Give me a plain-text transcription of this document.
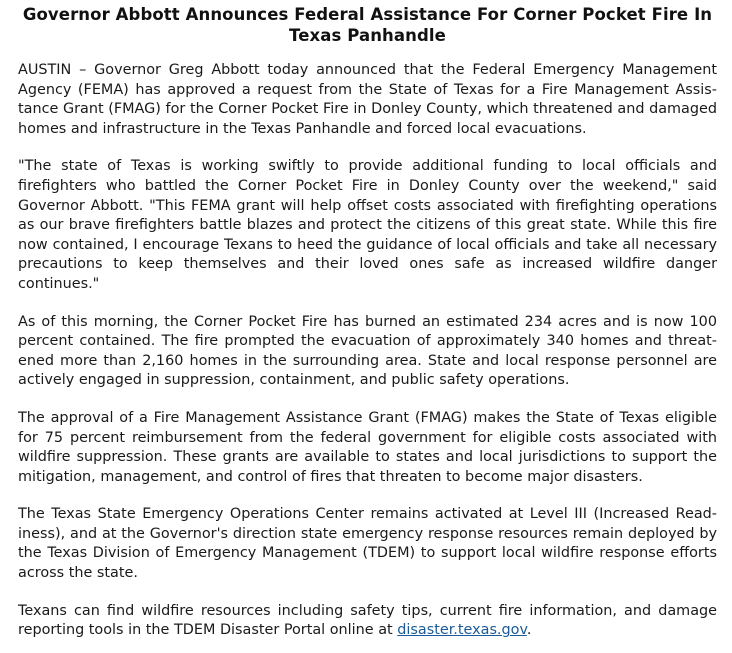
Governor Abbott Announces Federal Assistance For Corner Pocket Fire In Texas Panhandle

AUSTIN – Governor Greg Abbott today announced that the Federal Emergency Management Agency (FEMA) has approved a request from the State of Texas for a Fire Management Assistance Grant (FMAG) for the Corner Pocket Fire in Donley County, which threatened and damaged homes and infrastructure in the Texas Panhandle and forced local evacuations.

"The state of Texas is working swiftly to provide additional funding to local officials and firefighters who battled the Corner Pocket Fire in Donley County over the weekend," said Governor Abbott. "This FEMA grant will help offset costs associated with firefighting operations as our brave firefighters battle blazes and protect the citizens of this great state. While this fire now contained, I encourage Texans to heed the guidance of local officials and take all necessary precautions to keep themselves and their loved ones safe as increased wildfire danger continues."

As of this morning, the Corner Pocket Fire has burned an estimated 234 acres and is now 100 percent contained. The fire prompted the evacuation of approximately 340 homes and threatened more than 2,160 homes in the surrounding area. State and local response personnel are actively engaged in suppression, containment, and public safety operations.

The approval of a Fire Management Assistance Grant (FMAG) makes the State of Texas eligible for 75 percent reimbursement from the federal government for eligible costs associated with wildfire suppression. These grants are available to states and local jurisdictions to support the mitigation, management, and control of fires that threaten to become major disasters.

The Texas State Emergency Operations Center remains activated at Level III (Increased Readiness), and at the Governor's direction state emergency response resources remain deployed by the Texas Division of Emergency Management (TDEM) to support local wildfire response efforts across the state.

Texans can find wildfire resources including safety tips, current fire information, and damage reporting tools in the TDEM Disaster Portal online at disaster.texas.gov.
